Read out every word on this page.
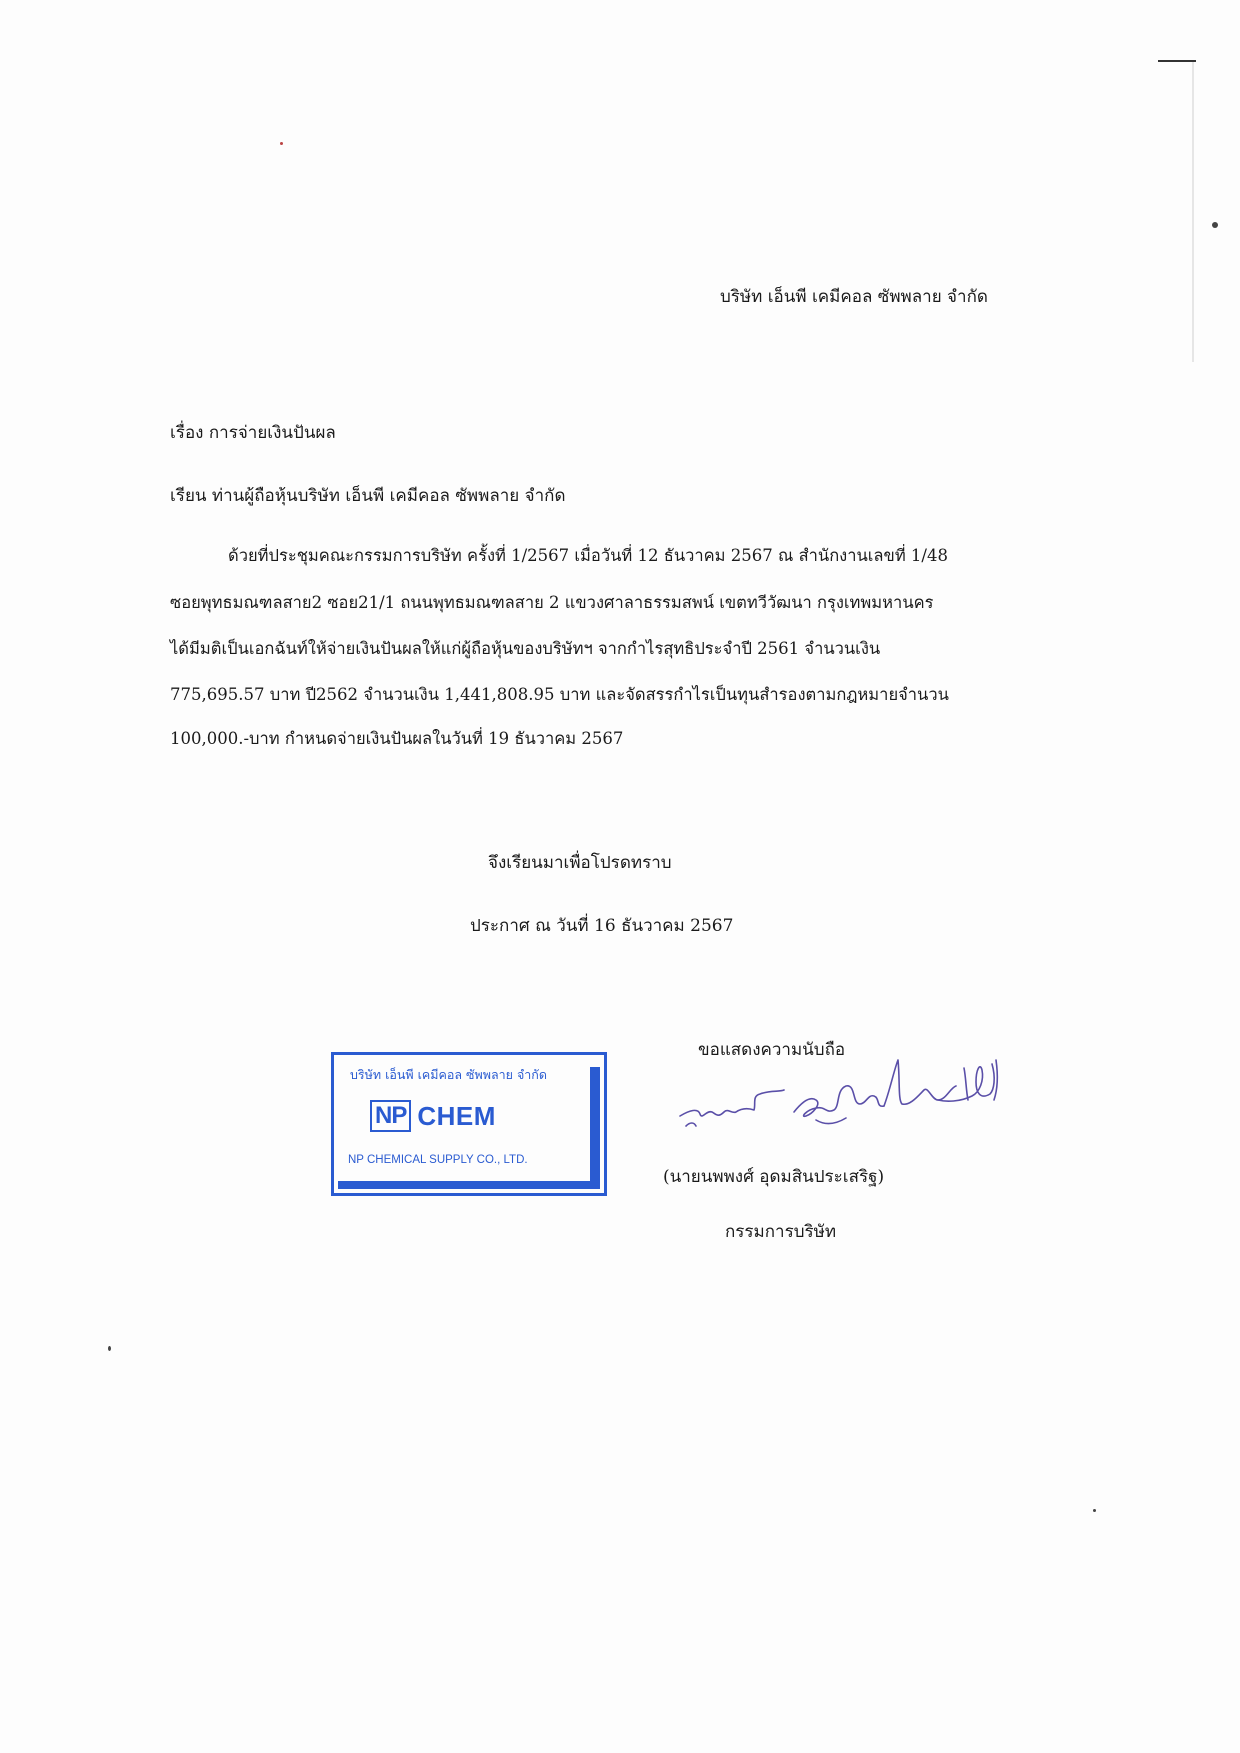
บริษัท เอ็นพี เคมีคอล ซัพพลาย จำกัด
เรื่อง การจ่ายเงินปันผล
เรียน ท่านผู้ถือหุ้นบริษัท เอ็นพี เคมีคอล ซัพพลาย จำกัด
ด้วยที่ประชุมคณะกรรมการบริษัท ครั้งที่ 1/2567 เมื่อวันที่ 12 ธันวาคม 2567 ณ สำนักงานเลขที่ 1/48
ซอยพุทธมณฑลสาย2 ซอย21/1 ถนนพุทธมณฑลสาย 2 แขวงศาลาธรรมสพน์ เขตทวีวัฒนา กรุงเทพมหานคร
ได้มีมติเป็นเอกฉันท์ให้จ่ายเงินปันผลให้แก่ผู้ถือหุ้นของบริษัทฯ จากกำไรสุทธิประจำปี 2561 จำนวนเงิน
775,695.57 บาท ปี2562 จำนวนเงิน 1,441,808.95 บาท และจัดสรรกำไรเป็นทุนสำรองตามกฎหมายจำนวน
100,000.-บาท กำหนดจ่ายเงินปันผลในวันที่ 19 ธันวาคม 2567
จึงเรียนมาเพื่อโปรดทราบ
ประกาศ ณ วันที่ 16 ธันวาคม 2567
บริษัท เอ็นพี เคมีคอล ซัพพลาย จำกัด
NP CHEM
NP CHEMICAL SUPPLY CO., LTD.
ขอแสดงความนับถือ
(นายนพพงศ์ อุดมสินประเสริฐ)
กรรมการบริษัท
